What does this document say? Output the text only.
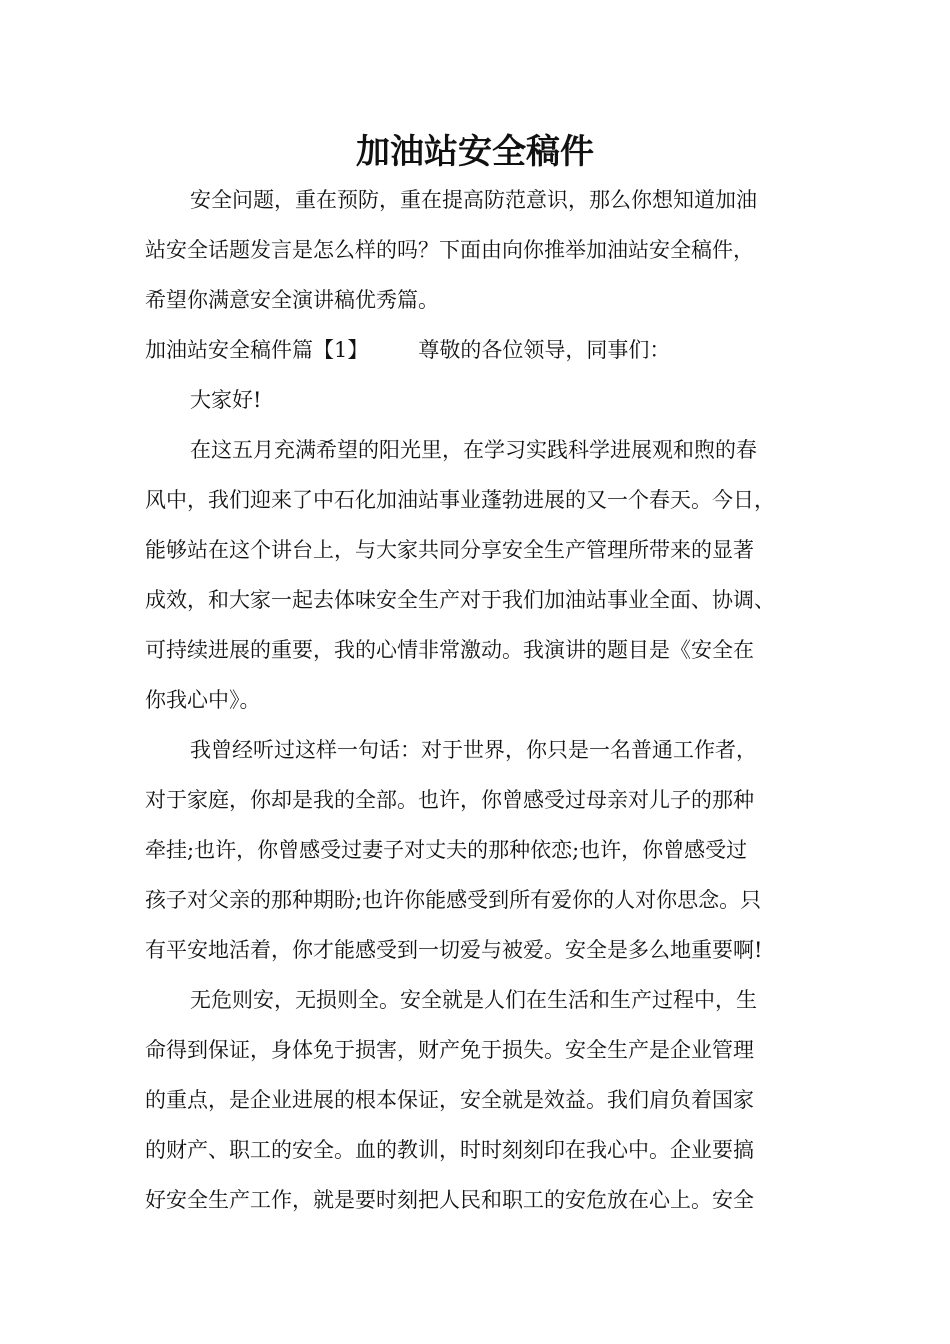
加油站安全稿件
安全问题，重在预防，重在提高防范意识，那么你想知道加油
站安全话题发言是怎么样的吗？下面由向你推举加油站安全稿件，
希望你满意安全演讲稿优秀篇。
加油站安全稿件篇【1】 尊敬的各位领导，同事们：
大家好!
在这五月充满希望的阳光里，在学习实践科学进展观和煦的春
风中，我们迎来了中石化加油站事业蓬勃进展的又一个春天。今日，
能够站在这个讲台上，与大家共同分享安全生产管理所带来的显著
成效，和大家一起去体味安全生产对于我们加油站事业全面、协调、
可持续进展的重要，我的心情非常激动。我演讲的题目是《安全在
你我心中》。
我曾经听过这样一句话：对于世界，你只是一名普通工作者，
对于家庭，你却是我的全部。也许，你曾感受过母亲对儿子的那种
牵挂;也许，你曾感受过妻子对丈夫的那种依恋;也许，你曾感受过
孩子对父亲的那种期盼;也许你能感受到所有爱你的人对你思念。只
有平安地活着，你才能感受到一切爱与被爱。安全是多么地重要啊!
无危则安，无损则全。安全就是人们在生活和生产过程中，生
命得到保证，身体免于损害，财产免于损失。安全生产是企业管理
的重点，是企业进展的根本保证，安全就是效益。我们肩负着国家
的财产、职工的安全。血的教训，时时刻刻印在我心中。企业要搞
好安全生产工作，就是要时刻把人民和职工的安危放在心上。安全
